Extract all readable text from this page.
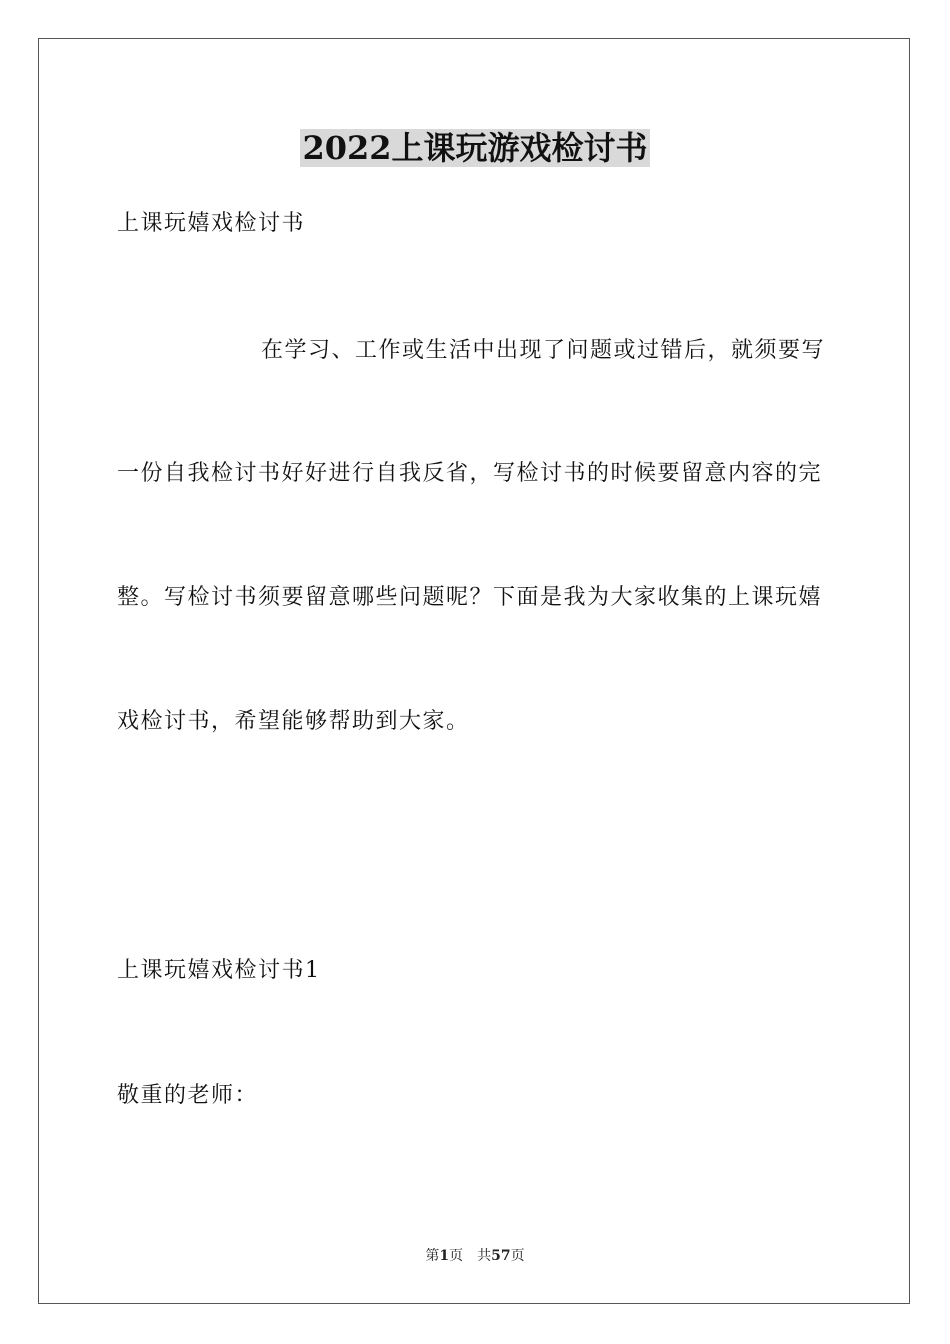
2022上课玩游戏检讨书
上课玩嬉戏检讨书
在学习、工作或生活中出现了问题或过错后，就须要写
一份自我检讨书好好进行自我反省，写检讨书的时候要留意内容的完
整。写检讨书须要留意哪些问题呢？下面是我为大家收集的上课玩嬉
戏检讨书，希望能够帮助到大家。
上课玩嬉戏检讨书1
敬重的老师：
第1页 共57页
